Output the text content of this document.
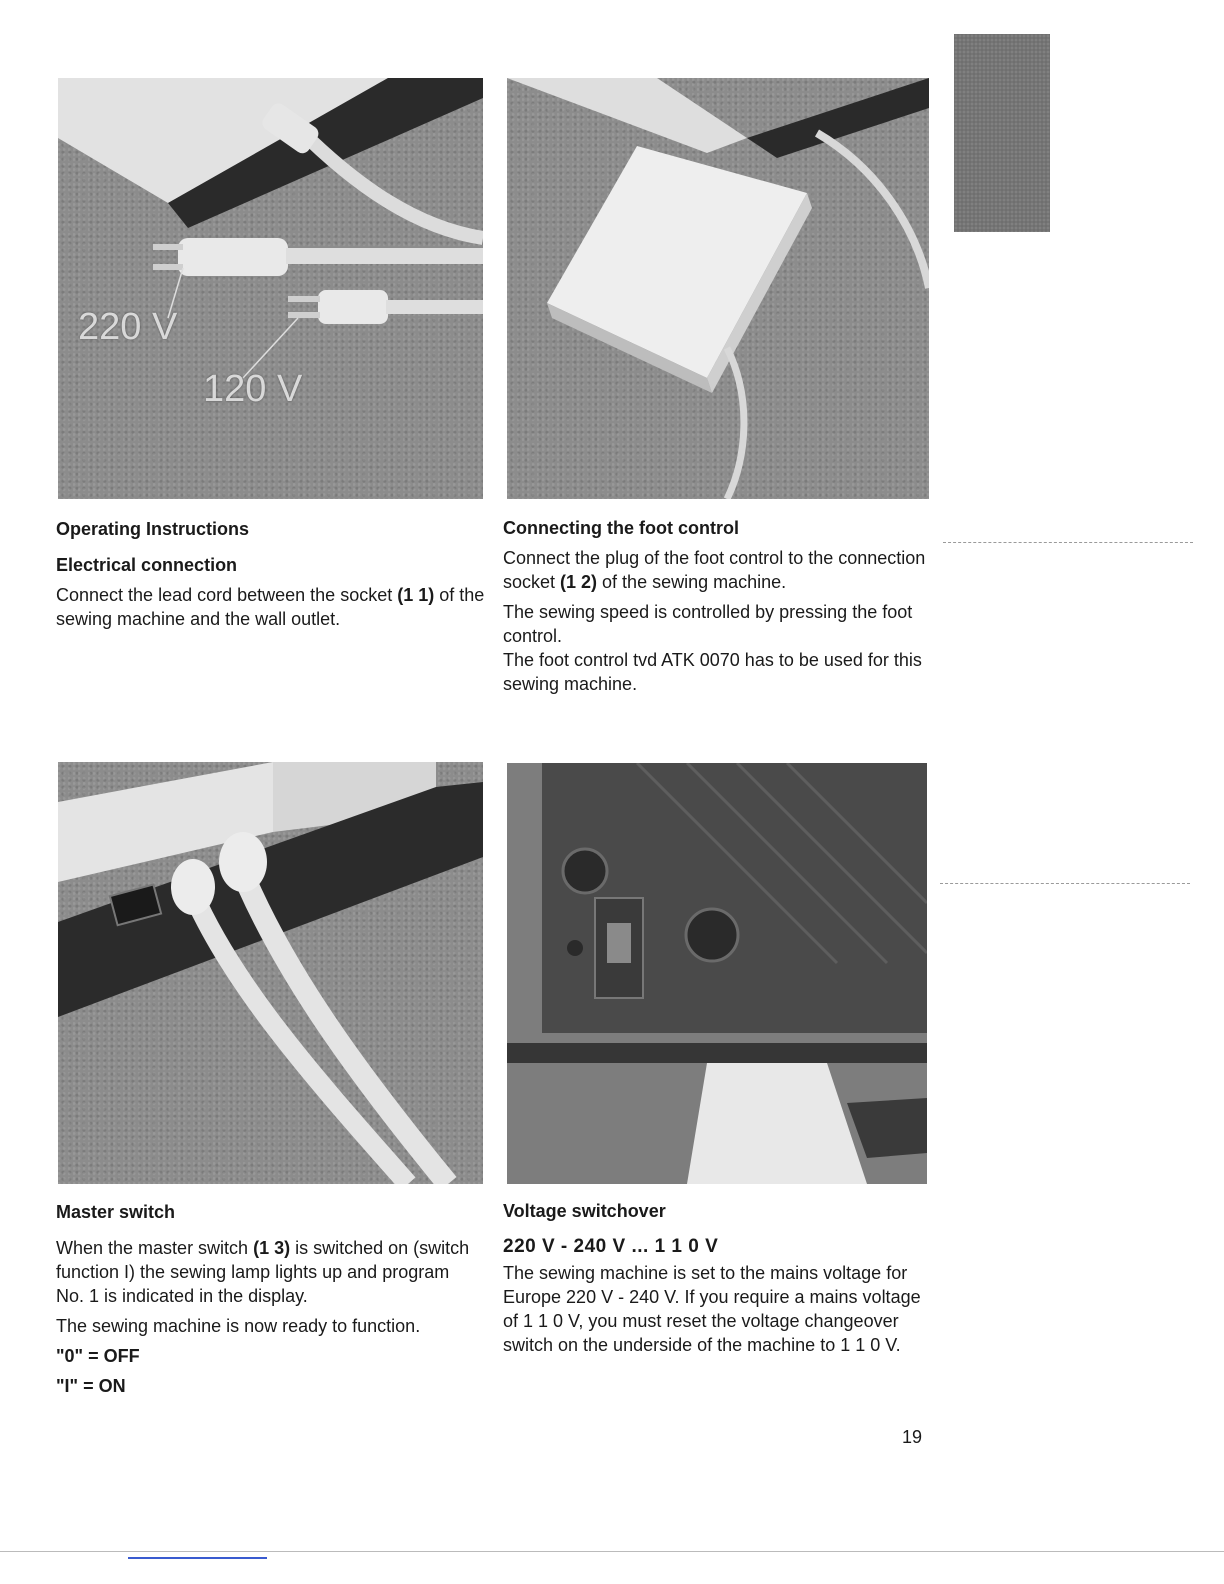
220 V
120 V
Operating Instructions
Electrical connection
Connect the lead cord between the socket (1 1) of the sewing machine and the wall outlet.
Connecting the foot control
Connect the plug of the foot control to the connection socket (1 2) of the sewing machine.
The sewing speed is controlled by pressing the foot control.
The foot control tvd ATK 0070 has to be used for this sewing machine.
Master switch
When the master switch (1 3) is switched on (switch function I) the sewing lamp lights up and program No. 1 is indicated in the display.
The sewing machine is now ready to function.
"0" = OFF
"I" = ON
Voltage switchover
220 V - 240 V ... 1 1 0 V
The sewing machine is set to the mains voltage for Europe 220 V - 240 V. If you require a mains voltage of 1 1 0 V, you must reset the voltage changeover switch on the underside of the machine to 1 1 0 V.
19
